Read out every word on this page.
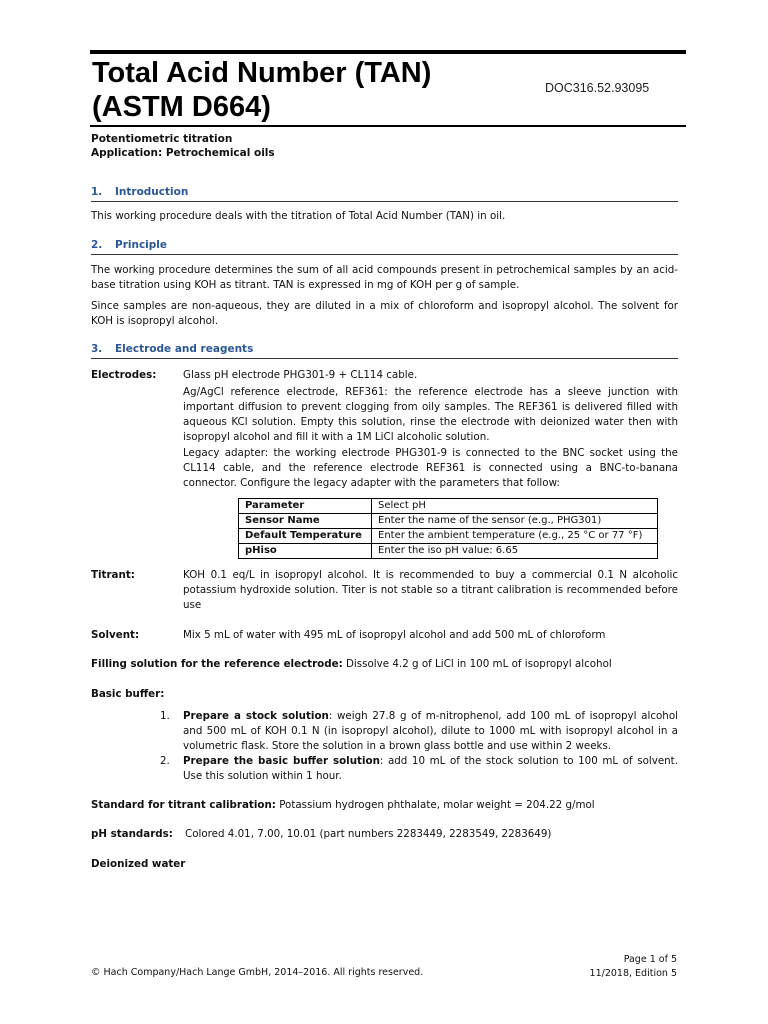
Total Acid Number (TAN)
(ASTM D664)
DOC316.52.93095
Potentiometric titration
Application: Petrochemical oils
1. Introduction
This working procedure deals with the titration of Total Acid Number (TAN) in oil.
2. Principle
The working procedure determines the sum of all acid compounds present in petrochemical samples by an acid-base titration using KOH as titrant. TAN is expressed in mg of KOH per g of sample.
Since samples are non-aqueous, they are diluted in a mix of chloroform and isopropyl alcohol. The solvent for KOH is isopropyl alcohol.
3. Electrode and reagents
Electrodes:	Glass pH electrode PHG301-9 + CL114 cable.
Ag/AgCl reference electrode, REF361: the reference electrode has a sleeve junction with important diffusion to prevent clogging from oily samples. The REF361 is delivered filled with aqueous KCl solution. Empty this solution, rinse the electrode with deionized water then with isopropyl alcohol and fill it with a 1M LiCl alcoholic solution.
Legacy adapter: the working electrode PHG301-9 is connected to the BNC socket using the CL114 cable, and the reference electrode REF361 is connected using a BNC-to-banana connector. Configure the legacy adapter with the parameters that follow:
Parameter	Select pH
Sensor Name	Enter the name of the sensor (e.g., PHG301)
Default Temperature	Enter the ambient temperature (e.g., 25 °C or 77 °F)
pHiso	Enter the iso pH value: 6.65
Titrant:	KOH 0.1 eq/L in isopropyl alcohol. It is recommended to buy a commercial 0.1 N alcoholic potassium hydroxide solution. Titer is not stable so a titrant calibration is recommended before use
Solvent:	Mix 5 mL of water with 495 mL of isopropyl alcohol and add 500 mL of chloroform
Filling solution for the reference electrode: Dissolve 4.2 g of LiCl in 100 mL of isopropyl alcohol
Basic buffer:
1. Prepare a stock solution: weigh 27.8 g of m-nitrophenol, add 100 mL of isopropyl alcohol and 500 mL of KOH 0.1 N (in isopropyl alcohol), dilute to 1000 mL with isopropyl alcohol in a volumetric flask. Store the solution in a brown glass bottle and use within 2 weeks.
2. Prepare the basic buffer solution: add 10 mL of the stock solution to 100 mL of solvent. Use this solution within 1 hour.
Standard for titrant calibration: Potassium hydrogen phthalate, molar weight = 204.22 g/mol
pH standards: Colored 4.01, 7.00, 10.01 (part numbers 2283449, 2283549, 2283649)
Deionized water
© Hach Company/Hach Lange GmbH, 2014–2016. All rights reserved.
Page 1 of 5
11/2018, Edition 5
